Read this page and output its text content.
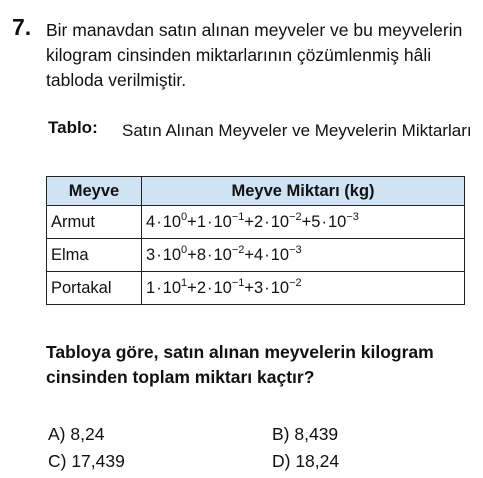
7. Bir manavdan satın alınan meyveler ve bu meyvelerin kilogram cinsinden miktarlarının çözümlenmiş hâli tabloda verilmiştir.
Tablo: Satın Alınan Meyveler ve Meyvelerin Miktarları
Meyve	Meyve Miktarı (kg)
Armut	$4\cdot 10^0+1\cdot 10^{-1}+2\cdot 10^{-2}+5\cdot 10^{-3}$
Elma	$3\cdot 10^0+8\cdot 10^{-2}+4\cdot 10^{-3}$
Portakal	$1\cdot 10^1+2\cdot 10^{-1}+3\cdot 10^{-2}$
Tabloya göre, satın alınan meyvelerin kilogram cinsinden toplam miktarı kaçtır?
A) 8,24	B) 8,439
C) 17,439	D) 18,24
